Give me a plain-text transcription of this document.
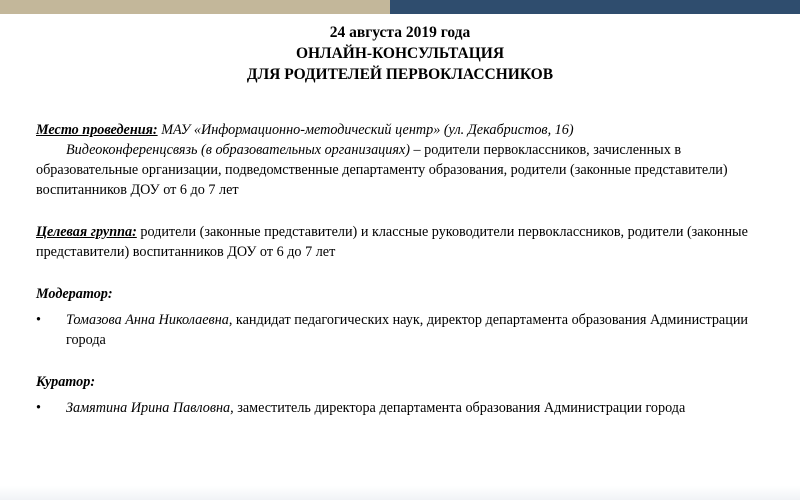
24 августа 2019 года
ОНЛАЙН-КОНСУЛЬТАЦИЯ
ДЛЯ РОДИТЕЛЕЙ ПЕРВОКЛАССНИКОВ

Место проведения: МАУ «Информационно-методический центр» (ул. Декабристов, 16)

Видеоконференцсвязь (в образовательных организациях) – родители первоклассников, зачисленных в образовательные организации, подведомственные департаменту образования, родители (законные представители) воспитанников ДОУ от 6 до 7 лет

Целевая группа: родители (законные представители) и классные руководители первоклассников, родители (законные представители) воспитанников ДОУ от 6 до 7 лет

Модератор:

• Томазова Анна Николаевна, кандидат педагогических наук, директор департамента образования Администрации города

Куратор:

• Замятина Ирина Павловна, заместитель директора департамента образования Администрации города
